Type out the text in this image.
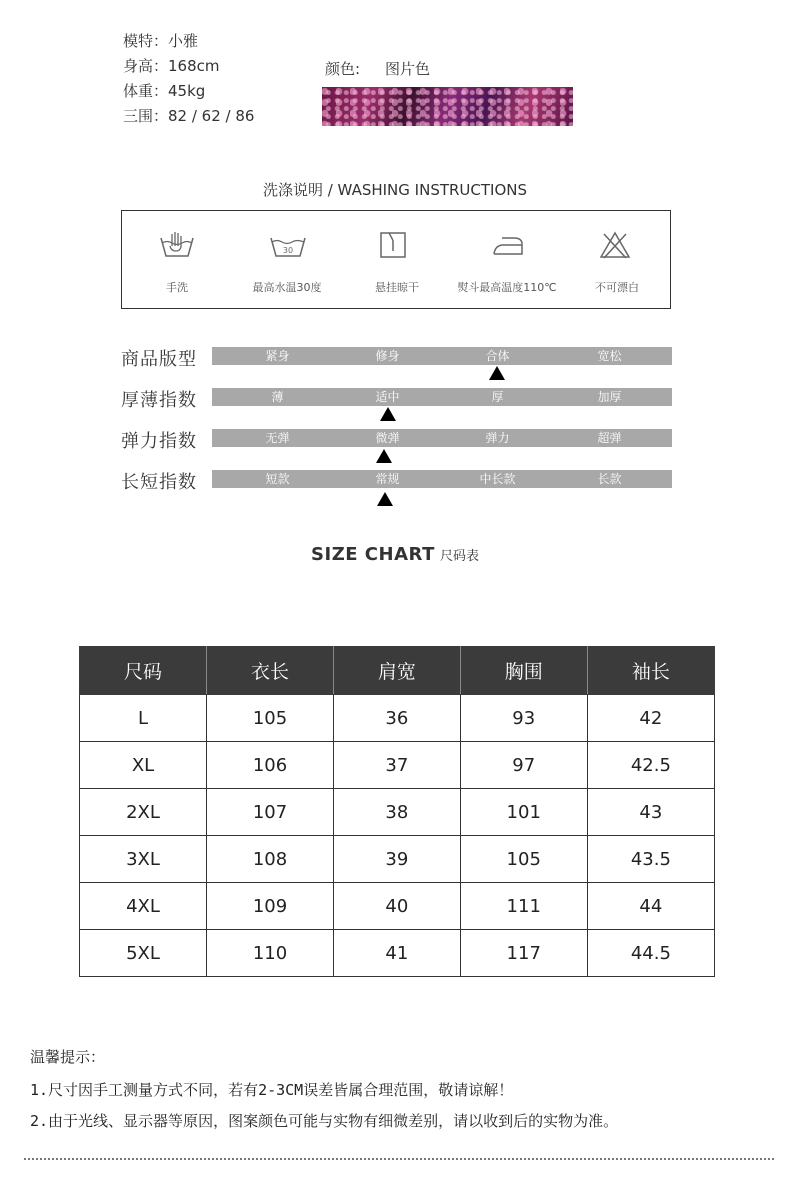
模特：小雅
身高：168cm
体重：45kg
三围：82 / 62 / 86
颜色: 图片色
洗涤说明 / WASHING INSTRUCTIONS
手洗
30
最高水温30度	悬挂晾干	熨斗最高温度110℃	不可漂白
商品版型	紧身	修身	合体	宽松
厚薄指数	薄	适中	厚	加厚
弹力指数	无弹	微弹	弹力	超弹
长短指数	短款	常规	中长款	长款
SIZE CHART 尺码表
尺码	衣长	肩宽	胸围	袖长
L	105	36	93	42
XL	106	37	97	42.5
2XL	107	38	101	43
3XL	108	39	105	43.5
4XL	109	40	111	44
5XL	110	41	117	44.5
温馨提示：
1.尺寸因手工测量方式不同，若有2-3CM误差皆属合理范围，敬请谅解！
2.由于光线、显示器等原因，图案颜色可能与实物有细微差别，请以收到后的实物为准。
